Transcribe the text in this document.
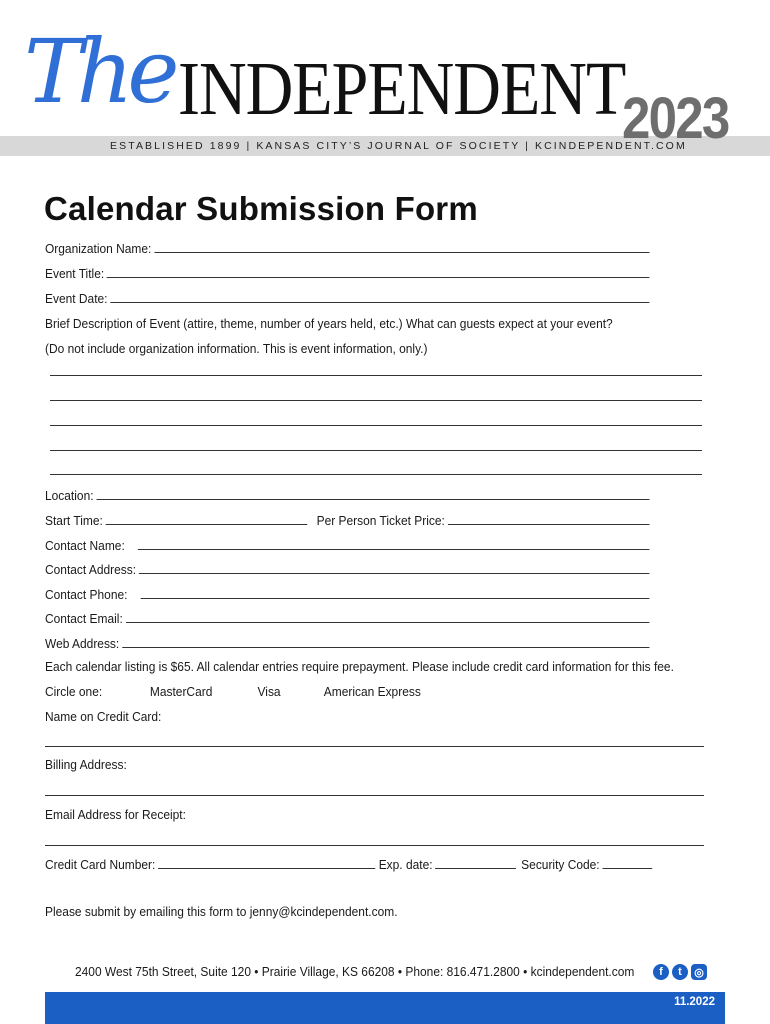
ESTABLISHED 1899 | KANSAS CITY’S JOURNAL OF SOCIETY | KCINDEPENDENT.COM
The INDEPENDENT
2023
Calendar Submission Form
Organization Name:
Event Title:
Event Date:
Brief Description of Event (attire, theme, number of years held, etc.) What can guests expect at your event?
(Do not include organization information. This is event information, only.)
Location:
Start Time:	Per Person Ticket Price:
Contact Name:
Contact Address:
Contact Phone:
Contact Email:
Web Address:
Each calendar listing is $65. All calendar entries require prepayment. Please include credit card information for this fee.
Circle one:	MasterCard	Visa	American Express
Name on Credit Card:
Billing Address:
Email Address for Receipt:
Credit Card Number:	Exp. date:	Security Code:
Please submit by emailing this form to jenny@kcindependent.com.
2400 West 75th Street, Suite 120 • Prairie Village, KS 66208 • Phone: 816.471.2800 • kcindependent.com	f	t	◎
11.2022
